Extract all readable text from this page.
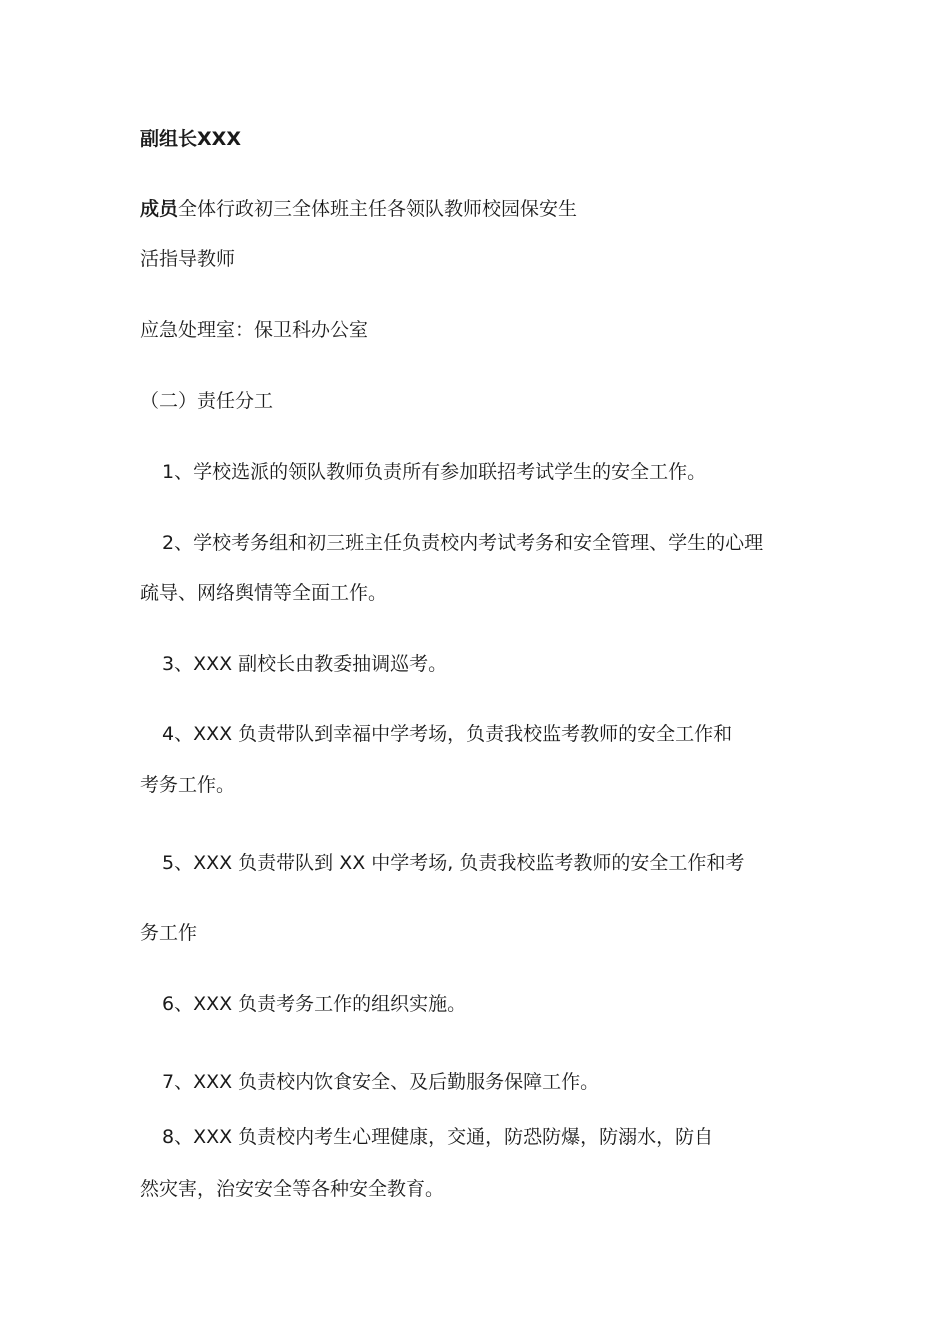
副组长XXX
成员全体行政初三全体班主任各领队教师校园保安生
活指导教师
应急处理室：保卫科办公室
（二）责任分工
1、学校选派的领队教师负责所有参加联招考试学生的安全工作。
2、学校考务组和初三班主任负责校内考试考务和安全管理、学生的心理
疏导、网络舆情等全面工作。
3、XXX 副校长由教委抽调巡考。
4、XXX 负责带队到幸福中学考场，负责我校监考教师的安全工作和
考务工作。
5、XXX 负责带队到 XX 中学考场, 负责我校监考教师的安全工作和考
务工作
6、XXX 负责考务工作的组织实施。
7、XXX 负责校内饮食安全、及后勤服务保障工作。
8、XXX 负责校内考生心理健康，交通，防恐防爆，防溺水，防自
然灾害，治安安全等各种安全教育。
